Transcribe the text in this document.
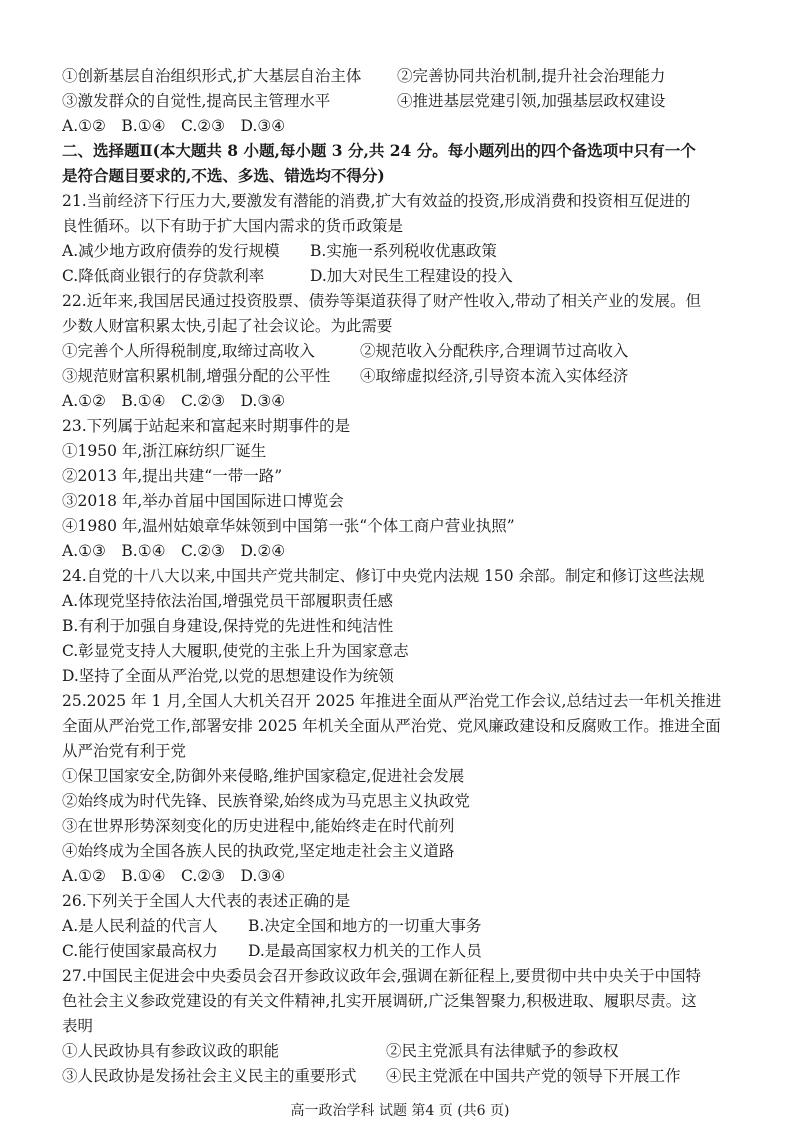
①创新基层自治组织形式,扩大基层自治主体 ②完善协同共治机制,提升社会治理能力
③激发群众的自觉性,提高民主管理水平	④推进基层党建引领,加强基层政权建设
A.①②　B.①④　C.②③　D.③④
二、选择题Ⅱ(本大题共 8 小题,每小题 3 分,共 24 分。每小题列出的四个备选项中只有一个
是符合题目要求的,不选、多选、错选均不得分)
21.当前经济下行压力大,要激发有潜能的消费,扩大有效益的投资,形成消费和投资相互促进的
良性循环。以下有助于扩大国内需求的货币政策是
A.减少地方政府债券的发行规模 B.实施一系列税收优惠政策
C.降低商业银行的存贷款利率	D.加大对民生工程建设的投入
22.近年来,我国居民通过投资股票、债券等渠道获得了财产性收入,带动了相关产业的发展。但
少数人财富积累太快,引起了社会议论。为此需要
①完善个人所得税制度,取缔过高收入	②规范收入分配秩序,合理调节过高收入
③规范财富积累机制,增强分配的公平性 ④取缔虚拟经济,引导资本流入实体经济
A.①②　B.①④　C.②③　D.③④
23.下列属于站起来和富起来时期事件的是
①1950 年,浙江麻纺织厂诞生
②2013 年,提出共建“一带一路”
③2018 年,举办首届中国国际进口博览会
④1980 年,温州姑娘章华妹领到中国第一张“个体工商户营业执照”
A.①③　B.①④　C.②③　D.②④
24.自党的十八大以来,中国共产党共制定、修订中央党内法规 150 余部。制定和修订这些法规
A.体现党坚持依法治国,增强党员干部履职责任感
B.有利于加强自身建设,保持党的先进性和纯洁性
C.彰显党支持人大履职,使党的主张上升为国家意志
D.坚持了全面从严治党,以党的思想建设作为统领
25.2025 年 1 月,全国人大机关召开 2025 年推进全面从严治党工作会议,总结过去一年机关推进
全面从严治党工作,部署安排 2025 年机关全面从严治党、党风廉政建设和反腐败工作。推进全面
从严治党有利于党
①保卫国家安全,防御外来侵略,维护国家稳定,促进社会发展
②始终成为时代先锋、民族脊梁,始终成为马克思主义执政党
③在世界形势深刻变化的历史进程中,能始终走在时代前列
④始终成为全国各族人民的执政党,坚定地走社会主义道路
A.①②　B.①④　C.②③　D.③④
26.下列关于全国人大代表的表述正确的是
A.是人民利益的代言人 B.决定全国和地方的一切重大事务
C.能行使国家最高权力 D.是最高国家权力机关的工作人员
27.中国民主促进会中央委员会召开参政议政年会,强调在新征程上,要贯彻中共中央关于中国特
色社会主义参政党建设的有关文件精神,扎实开展调研,广泛集智聚力,积极进取、履职尽责。这
表明
①人民政协具有参政议政的职能	②民主党派具有法律赋予的参政权
③人民政协是发扬社会主义民主的重要形式 ④民主党派在中国共产党的领导下开展工作
高一政治学科 试题 第4 页 (共6 页)
